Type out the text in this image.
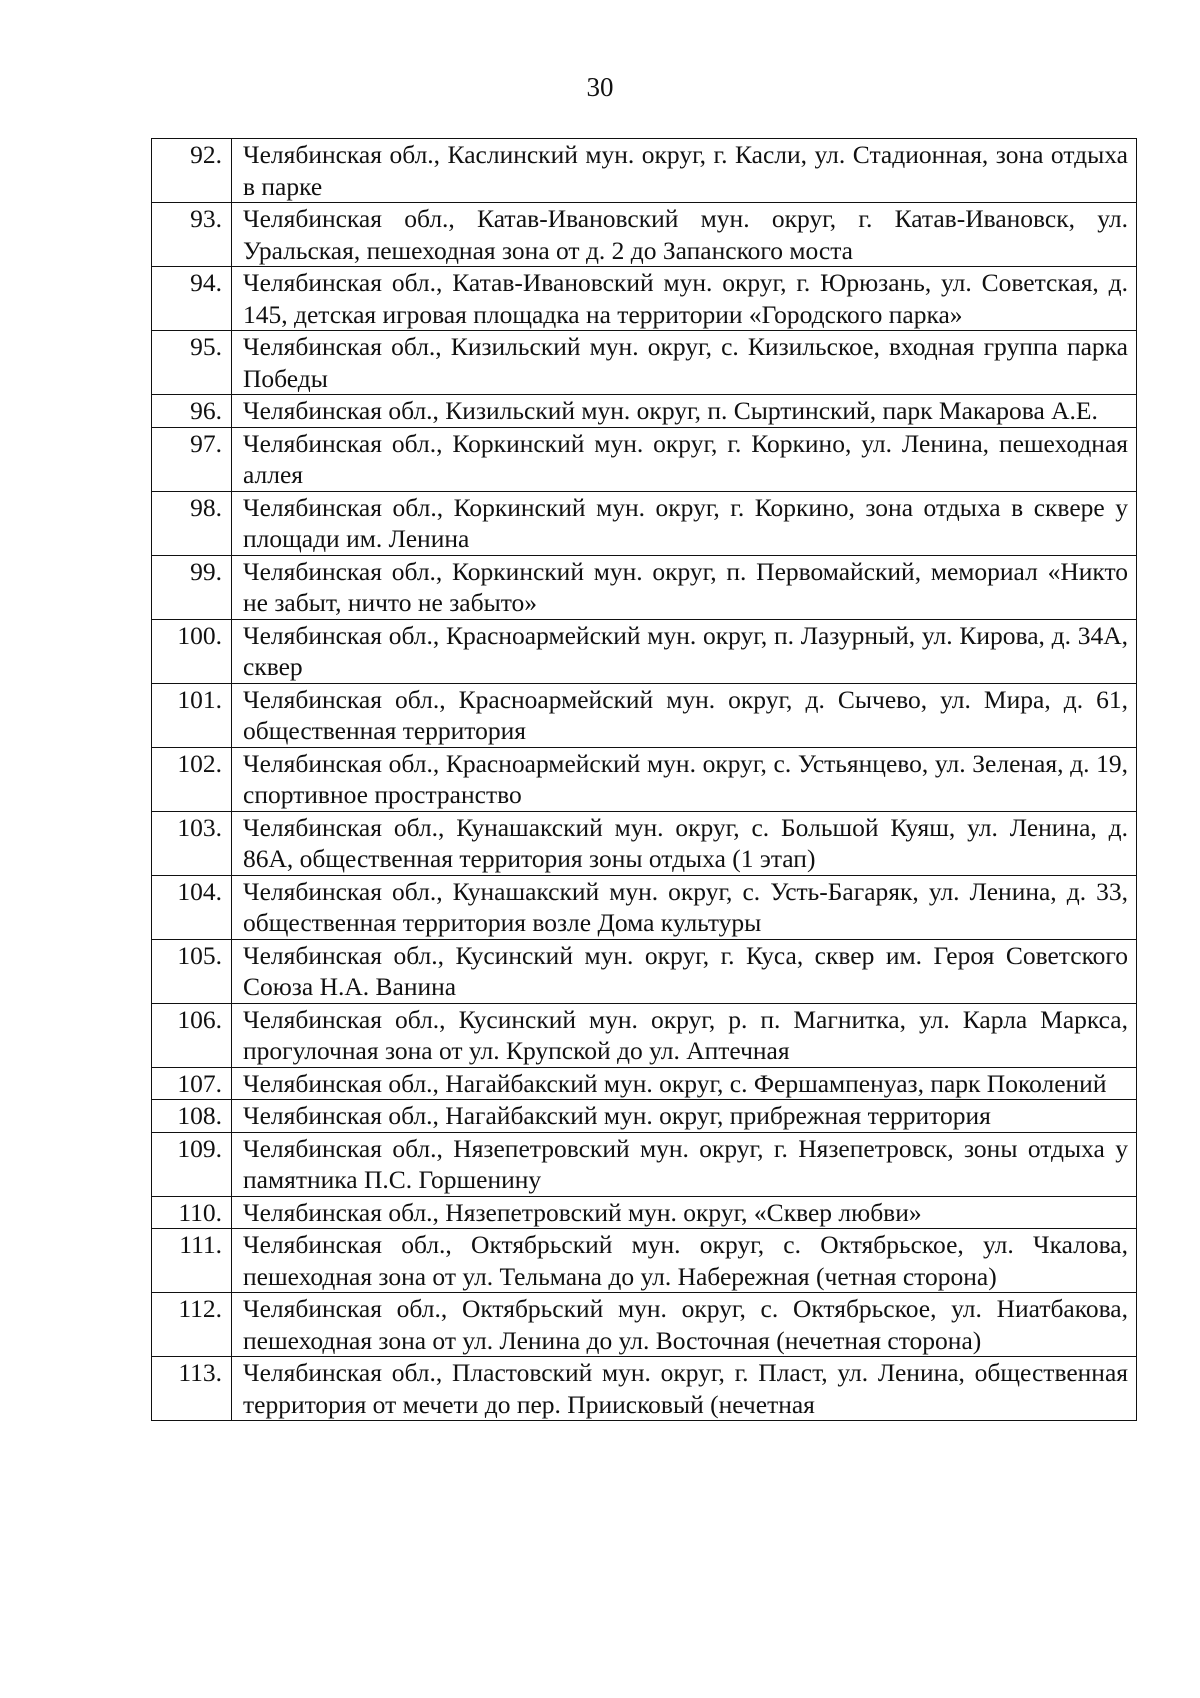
30
92.	Челябинская обл., Каслинский мун. округ, г. Касли, ул. Стадионная, зона отдыха в парке
93.	Челябинская обл., Катав-Ивановский мун. округ, г. Катав-Ивановск, ул. Уральская, пешеходная зона от д. 2 до Запанского моста
94.	Челябинская обл., Катав-Ивановский мун. округ, г. Юрюзань, ул. Советская, д. 145, детская игровая площадка на территории «Городского парка»
95.	Челябинская обл., Кизильский мун. округ, с. Кизильское, входная группа парка Победы
96.	Челябинская обл., Кизильский мун. округ, п. Сыртинский, парк Макарова А.Е.
97.	Челябинская обл., Коркинский мун. округ, г. Коркино, ул. Ленина, пешеходная аллея
98.	Челябинская обл., Коркинский мун. округ, г. Коркино, зона отдыха в сквере у площади им. Ленина
99.	Челябинская обл., Коркинский мун. округ, п. Первомайский, мемориал «Никто не забыт, ничто не забыто»
100.	Челябинская обл., Красноармейский мун. округ, п. Лазурный, ул. Кирова, д. 34А, сквер
101.	Челябинская обл., Красноармейский мун. округ, д. Сычево, ул. Мира, д. 61, общественная территория
102.	Челябинская обл., Красноармейский мун. округ, с. Устьянцево, ул. Зеленая, д. 19, спортивное пространство
103.	Челябинская обл., Кунашакский мун. округ, с. Большой Куяш, ул. Ленина, д. 86А, общественная территория зоны отдыха (1 этап)
104.	Челябинская обл., Кунашакский мун. округ, с. Усть-Багаряк, ул. Ленина, д. 33, общественная территория возле Дома культуры
105.	Челябинская обл., Кусинский мун. округ, г. Куса, сквер им. Героя Советского Союза Н.А. Ванина
106.	Челябинская обл., Кусинский мун. округ, р. п. Магнитка, ул. Карла Маркса, прогулочная зона от ул. Крупской до ул. Аптечная
107.	Челябинская обл., Нагайбакский мун. округ, с. Фершампенуаз, парк Поколений
108.	Челябинская обл., Нагайбакский мун. округ, прибрежная территория
109.	Челябинская обл., Нязепетровский мун. округ, г. Нязепетровск, зоны отдыха у памятника П.С. Горшенину
110.	Челябинская обл., Нязепетровский мун. округ, «Сквер любви»
111.	Челябинская обл., Октябрьский мун. округ, с. Октябрьское, ул. Чкалова, пешеходная зона от ул. Тельмана до ул. Набережная (четная сторона)
112.	Челябинская обл., Октябрьский мун. округ, с. Октябрьское, ул. Ниатбакова, пешеходная зона от ул. Ленина до ул. Восточная (нечетная сторона)
113.	Челябинская обл., Пластовский мун. округ, г. Пласт, ул. Ленина, общественная территория от мечети до пер. Приисковый (нечетная
